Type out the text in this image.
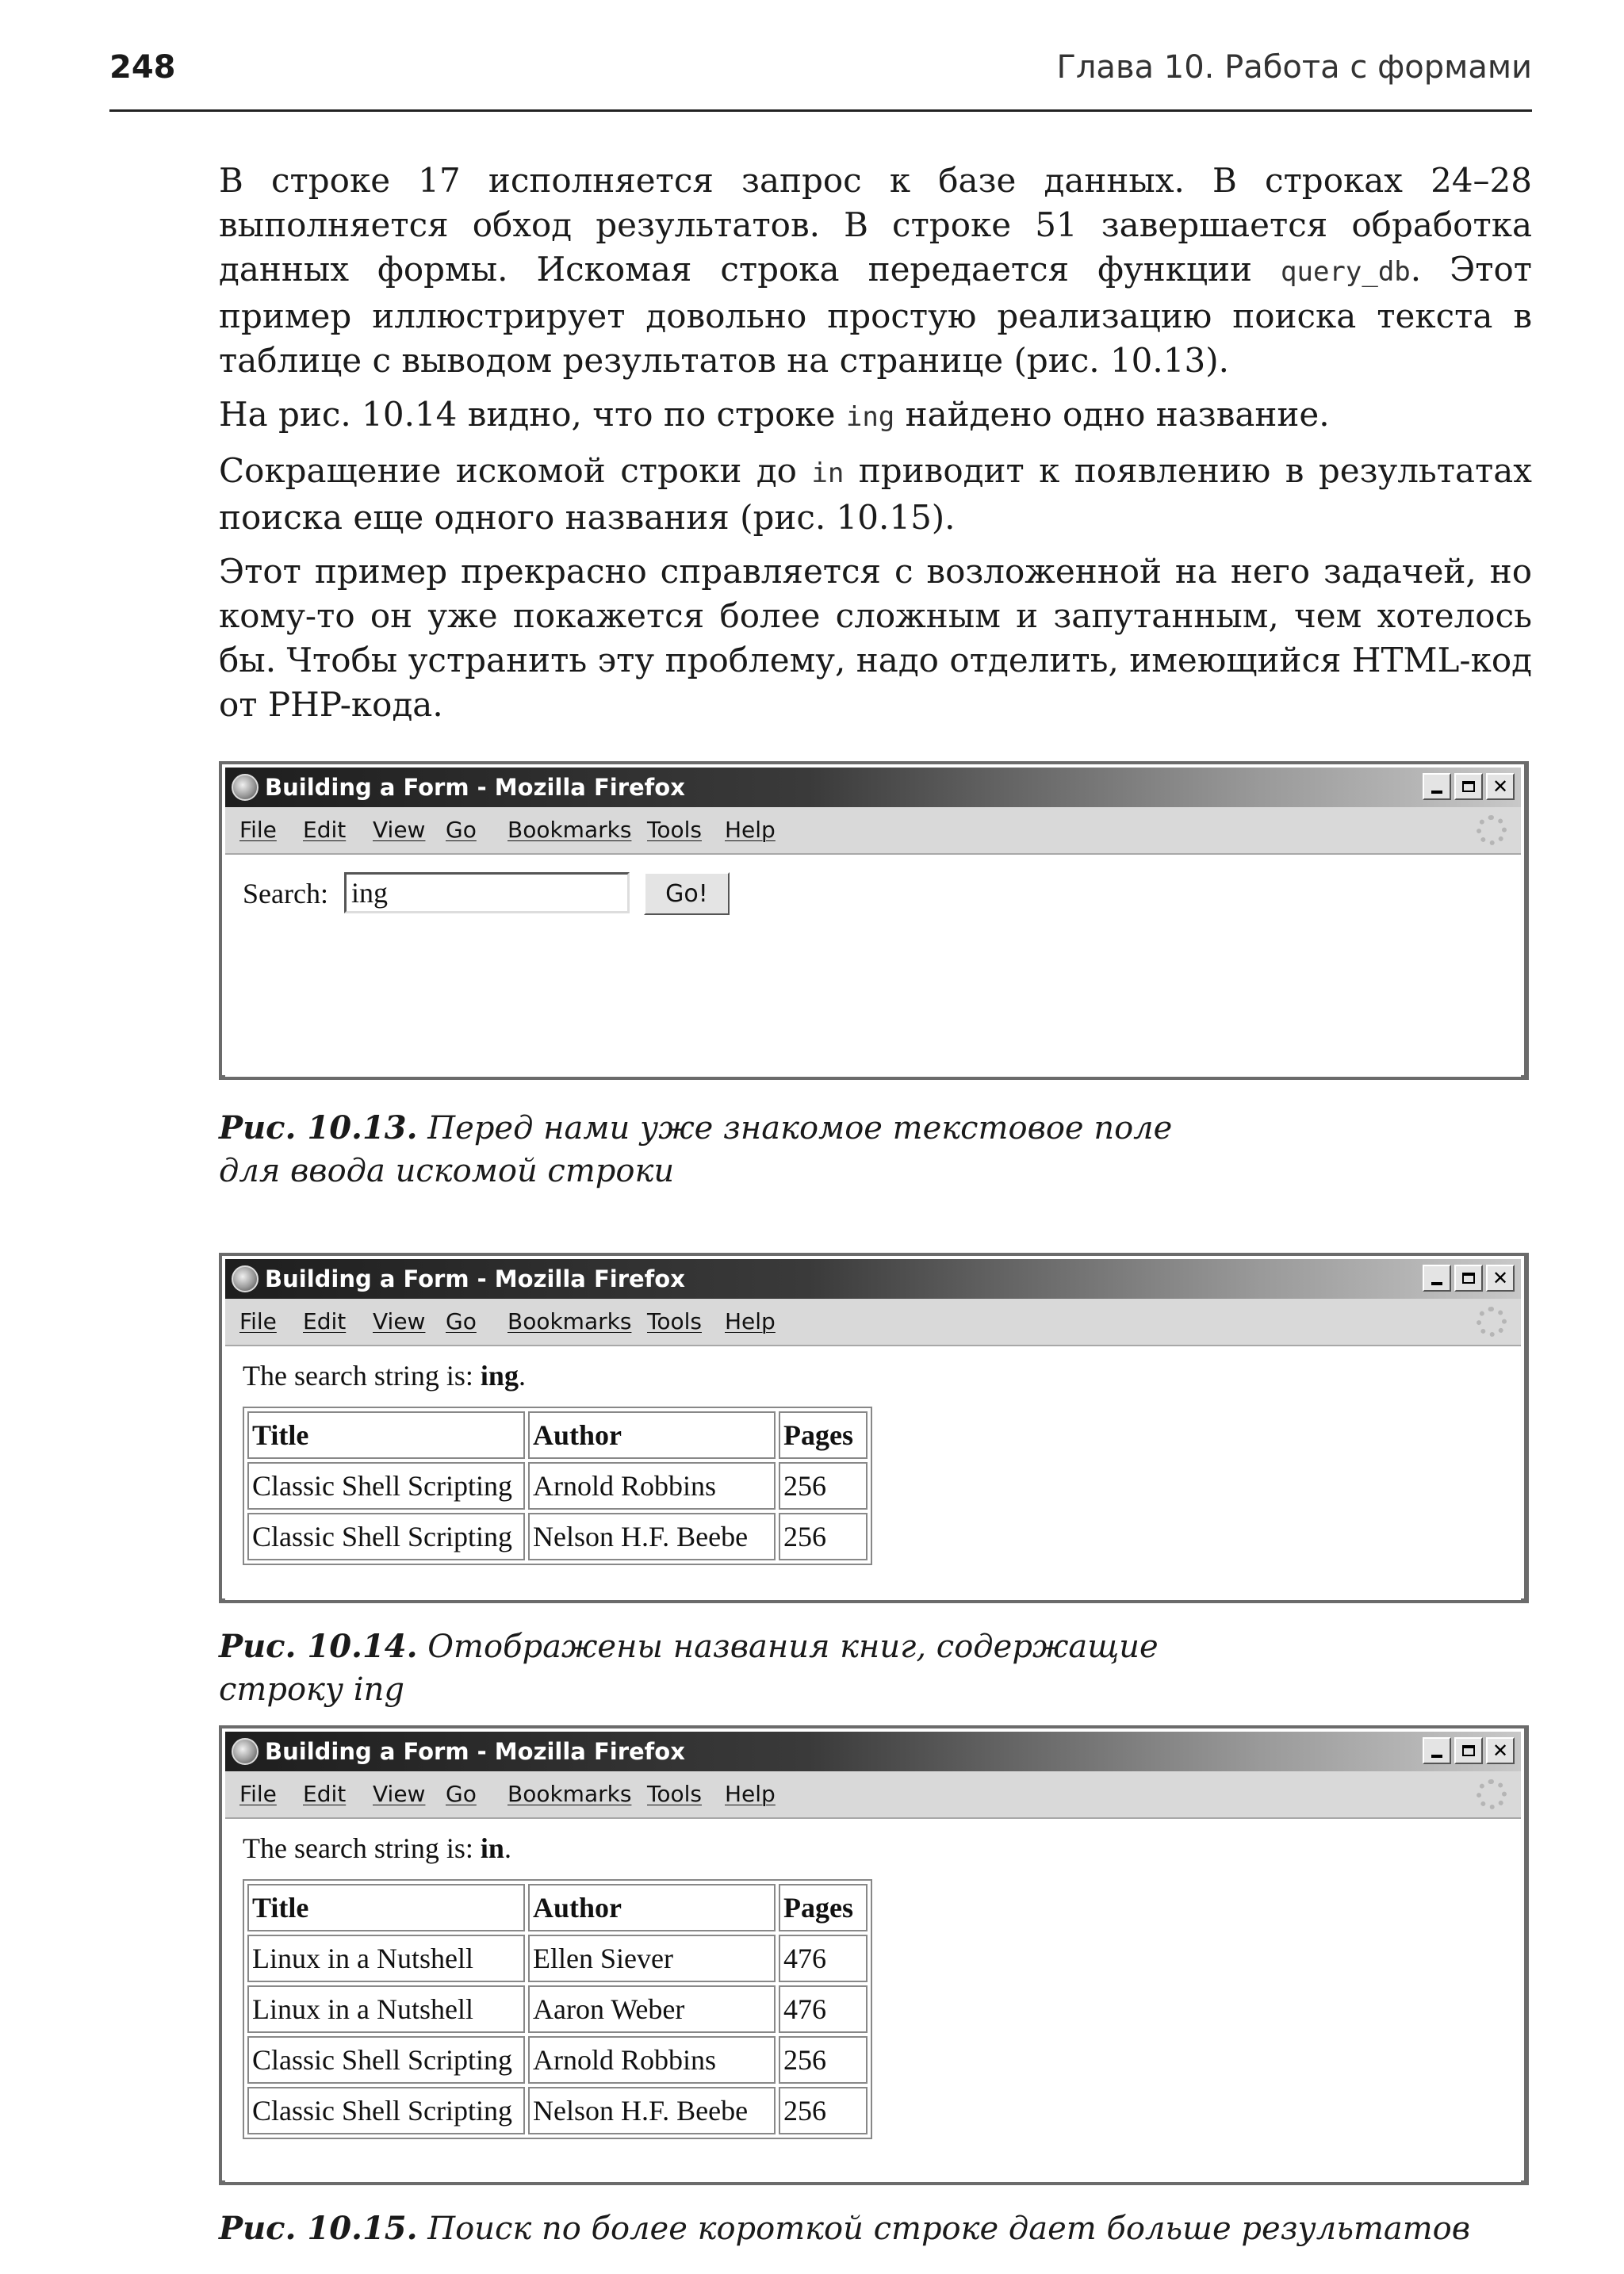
248	Глава 10. Работа с формами

В строке 17 исполняется запрос к базе данных. В строках 24–28 выполняется обход результатов. В строке 51 завершается обработка данных формы. Искомая строка передается функции query_db. Этот пример иллюстрирует довольно простую реализацию поиска текста в таблице с выводом результатов на странице (рис. 10.13).

На рис. 10.14 видно, что по строке ing найдено одно название.

Сокращение искомой строки до in приводит к появлению в результатах поиска еще одного названия (рис. 10.15).

Этот пример прекрасно справляется с возложенной на него задачей, но кому-то он уже покажется более сложным и запутанным, чем хотелось бы. Чтобы устранить эту проблему, надо отделить, имеющийся HTML-код от PHP-кода.

Building a Form - Mozilla Firefox	✕
File Edit View Go Bookmarks Tools Help
Search:
ing	Go!
Рис. 10.13. Перед нами уже знакомое текстовое поле для ввода искомой строки
Building a Form - Mozilla Firefox	✕
File Edit View Go Bookmarks Tools Help
The search string is: ing.
Title	Author	Pages
Classic Shell Scripting	Arnold Robbins	256
Classic Shell Scripting	Nelson H.F. Beebe	256
Рис. 10.14. Отображены названия книг, содержащие строку ing
Building a Form - Mozilla Firefox	✕
File Edit View Go Bookmarks Tools Help
The search string is: in.
Title	Author	Pages
Linux in a Nutshell	Ellen Siever	476
Linux in a Nutshell	Aaron Weber	476
Classic Shell Scripting	Arnold Robbins	256
Classic Shell Scripting	Nelson H.F. Beebe	256
Рис. 10.15. Поиск по более короткой строке дает больше результатов
